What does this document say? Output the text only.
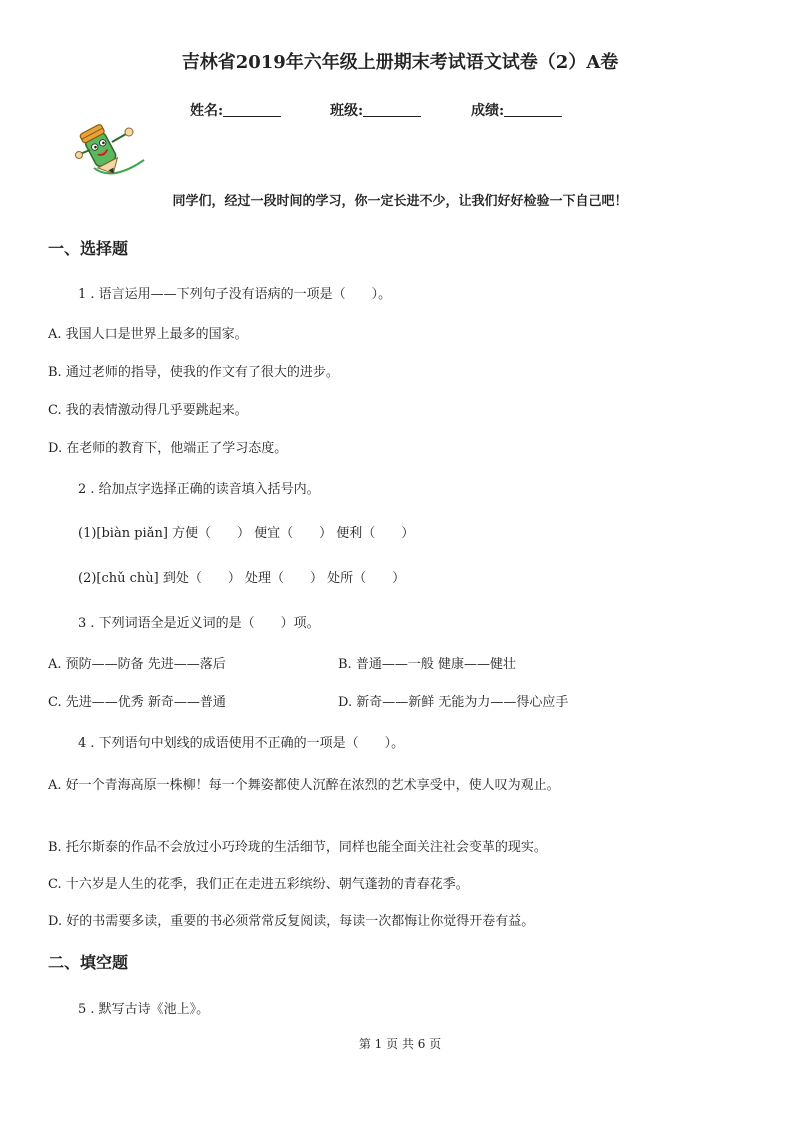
吉林省2019年六年级上册期末考试语文试卷（2）A卷
姓名:	班级:	成绩:
同学们，经过一段时间的学习，你一定长进不少，让我们好好检验一下自己吧！
一、选择题
1 . 语言运用——下列句子没有语病的一项是（　　）。
A. 我国人口是世界上最多的国家。
B. 通过老师的指导，使我的作文有了很大的进步。
C. 我的表情激动得几乎要跳起来。
D. 在老师的教育下，他端正了学习态度。
2 . 给加点字选择正确的读音填入括号内。
(1)[biàn piǎn] 方便（　　） 便宜（　　） 便利（　　）
(2)[chǔ chù] 到处（　　） 处理（　　） 处所（　　）
3 . 下列词语全是近义词的是（　　）项。
A. 预防——防备 先进——落后	B. 普通——一般 健康——健壮
C. 先进——优秀 新奇——普通	D. 新奇——新鲜 无能为力——得心应手
4 . 下列语句中划线的成语使用不正确的一项是（　　）。
A. 好一个青海高原一株柳！每一个舞姿都使人沉醉在浓烈的艺术享受中，使人叹为观止。
B. 托尔斯泰的作品不会放过小巧玲珑的生活细节，同样也能全面关注社会变革的现实。
C. 十六岁是人生的花季，我们正在走进五彩缤纷、朝气蓬勃的青春花季。
D. 好的书需要多读，重要的书必须常常反复阅读，每读一次都悔让你觉得开卷有益。
二、填空题
5 . 默写古诗《池上》。
第 1 页 共 6 页
